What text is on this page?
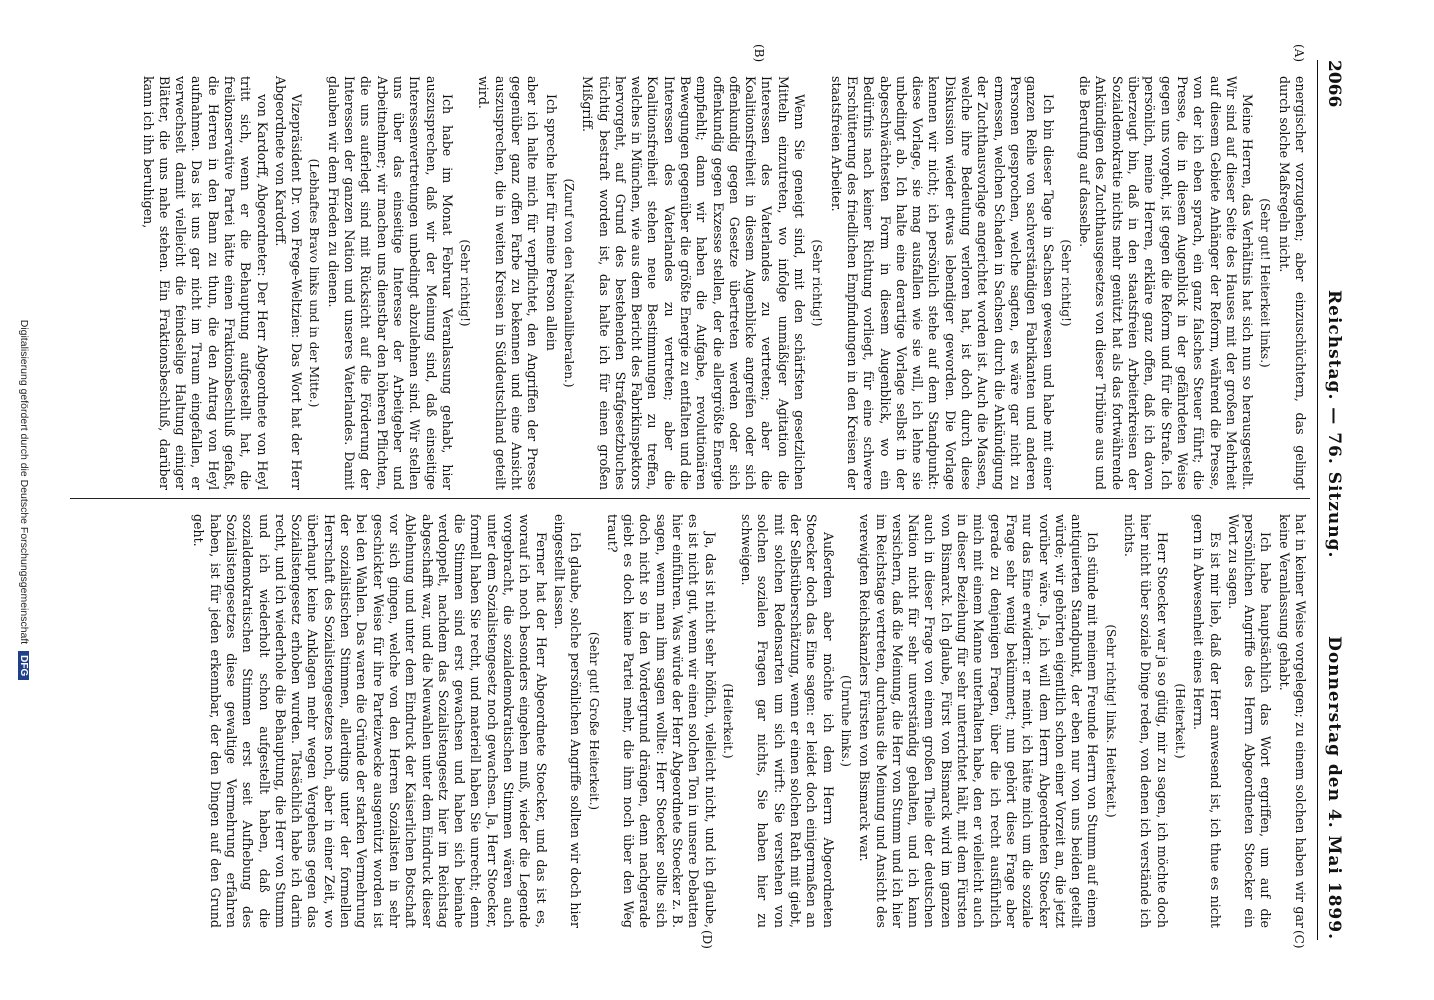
2066
Reichstag. — 76. Sitzung.
Donnerstag den 4. Mai 1899.
(A)
(B)
(C)
(D)

energischer vorzugehen; aber einzuschüchtern, das gelingt durch solche Maßregeln nicht.

(Sehr gut! Heiterkeit links.)

Meine Herren, das Verhältnis hat sich nun so herausgestellt. Wir sind auf dieser Seite des Hauses mit der großen Mehrheit auf diesem Gebiete Anhänger der Reform, während die Presse, von der ich eben sprach, ein ganz falsches Steuer führt; die Presse, die in diesem Augenblick in der gefährdeten Weise gegen uns vorgeht, ist gegen die Reform und für die Strafe. Ich persönlich, meine Herren, erkläre ganz offen, daß ich davon überzeugt bin, daß in den staatsfreien Arbeiterkreisen der Sozialdemokratie nichts mehr genützt hat als das fortwährende Ankündigen des Zuchthausgesetzes von dieser Tribüne aus und die Berufung auf dasselbe.

(Sehr richtig!)

Ich bin dieser Tage in Sachsen gewesen und habe mit einer ganzen Reihe von sachverständigen Fabrikanten und anderen Personen gesprochen, welche sagten, es wäre gar nicht zu ermessen, welchen Schaden in Sachsen durch die Ankündigung der Zuchthausvorlage angerichtet worden ist. Auch die Massen, welche ihre Bedeutung verloren hat, ist doch durch diese Diskussion wieder etwas lebendiger geworden. Die Vorlage kennen wir nicht; ich persönlich stehe auf dem Standpunkt: diese Vorlage, sie mag ausfallen wie sie will, ich lehne sie unbedingt ab. Ich halte eine derartige Vorlage selbst in der abgeschwächtesten Form in diesem Augenblick, wo ein Bedürfnis nach keiner Richtung vorliegt, für eine schwere Erschütterung des friedlichen Empfindungen in den Kreisen der staatsfreien Arbeiter.

(Sehr richtig!)

Wenn Sie geneigt sind, mit den schärfsten gesetzlichen Mitteln einzutreten, wo infolge unmäßiger Agitation die Interessen des Vaterlandes zu vertreten; aber die Koalitionsfreiheit in diesem Augenblicke angreifen oder sich offenkundig gegen Gesetze übertreten werden oder sich offenkundig gegen Exzesse stellen, der die allergrößte Energie empfiehlt; dann wir haben die Aufgabe, revolutionären Bewegungen gegenüber die größte Energie zu entfalten und die Interessen des Vaterlandes zu vertreten; aber die Koalitionsfreiheit stehen neue Bestimmungen zu treffen, welches in München, wie aus dem Bericht des Fabrikinspektors hervorgeht, auf Grund des bestehenden Strafgesetzbuches tüchtig bestraft worden ist, das halte ich für einen großen Mißgriff.

(Zuruf von den Nationalliberalen.)

Ich spreche hier für meine Person allein

aber ich halte mich für verpflichtet, den Angriffen der Presse gegenüber ganz offen Farbe zu bekennen und eine Ansicht auszusprechen, die in weiten Kreisen in Süddeutschland geteilt wird.

(Sehr richtig!)

Ich habe im Monat Februar Veranlassung gehabt, hier auszusprechen, daß wir der Meinung sind, daß einseitige Interessenvertretungen unbedingt abzulehnen sind. Wir stellen uns über das einseitige Interesse der Arbeitgeber und Arbeitnehmer; wir machen uns dienstbar den höheren Pflichten, die uns auferlegt sind mit Rücksicht auf die Förderung der Interessen der ganzen Nation und unseres Vaterlandes. Damit glauben wir dem Frieden zu dienen.

(Lebhaftes Bravo links und in der Mitte.)

Vizepräsident Dr. von Frege-Weltzien: Das Wort hat der Herr Abgeordnete von Kardorff.

von Kardorff, Abgeordneter: Der Herr Abgeordnete von Heyl tritt sich, wenn er die Behauptung aufgestellt hat, die freikonservative Partei hätte einen Fraktionsbeschluß gefaßt, die Herren in den Bann zu thun, die den Antrag von Heyl aufnahmen. Das ist uns gar nicht im Traum eingefallen, er verwechselt damit vielleicht die feindselige Haltung einiger Blätter, die uns nahe stehen. Ein Fraktionsbeschluß, darüber kann ich ihn beruhigen,

hat in keiner Weise vorgelegen; zu einem solchen haben wir gar keine Veranlassung gehabt.

Ich habe hauptsächlich das Wort ergriffen, um auf die persönlichen Angriffe des Herrn Abgeordneten Stoecker ein Wort zu sagen.

Es ist mir lieb, daß der Herr anwesend ist, ich thue es nicht gern in Abwesenheit eines Herrn.

(Heiterkeit.)

Herr Stoecker war ja so gütig, mir zu sagen, ich möchte doch hier nicht über soziale Dinge reden, von denen ich verstände ich nichts.

(Sehr richtig! links. Heiterkeit.)

Ich stünde mit meinem Freunde Herrn von Stumm auf einem antiquierten Standpunkt, der eben nur von uns beiden geteilt würde; wir gehörten eigentlich schon einer Vorzeit an, die jetzt vorüber wäre. Ja, ich will dem Herrn Abgeordneten Stoecker nur das Eine erwidern: er meint, ich hätte mich um die soziale Frage sehr wenig bekümmert; nun gehört diese Frage aber gerade zu denjenigen Fragen, über die ich recht ausführlich mich mit einem Manne unterhalten habe, den er vielleicht auch in dieser Beziehung für sehr unterrichtet hält, mit dem Fürsten von Bismarck. Ich glaube, Fürst von Bismarck wird im ganzen auch in dieser Frage von einem großen Theile der deutschen Nation nicht für sehr unverständig gehalten, und ich kann versichern, daß die Meinung, die Herr von Stumm und ich hier im Reichstage vertreten, durchaus die Meinung und Ansicht des verewigten Reichskanzlers Fürsten von Bismarck war.

(Unruhe links.)

Außerdem aber möchte ich dem Herrn Abgeordneten Stoecker doch das Eine sagen: er leidet doch einigermaßen an der Selbstüberschätzung, wenn er einen solchen Rath mit giebt, mit solchen Redensarten um sich wirft: Sie verstehen von solchen sozialen Fragen gar nichts, Sie haben hier zu schweigen.

(Heiterkeit.)

Ja, das ist nicht sehr höflich, vielleicht nicht, und ich glaube, es ist nicht gut, wenn wir einen solchen Ton in unsere Debatten hier einführen. Was würde der Herr Abgeordnete Stoecker z. B. sagen, wenn man ihm sagen wollte: Herr Stoecker sollte sich doch nicht so in den Vordergrund drängen, denn nachgerade giebt es doch keine Partei mehr, die ihm noch über den Weg traut?

(Sehr gut! Große Heiterkeit.)

Ich glaube, solche persönlichen Angriffe sollten wir doch hier eingestellt lassen.

Ferner hat der Herr Abgeordnete Stoecker, und das ist es, worauf ich noch besonders eingehen muß, wieder die Legende vorgebracht, die sozialdemokratischen Stimmen wären auch unter dem Sozialistengesetz noch gewachsen. Ja, Herr Stoecker, formell haben Sie recht, und materiell haben Sie unrecht; denn die Stimmen sind erst gewachsen und haben sich beinahe verdoppelt, nachdem das Sozialistengesetz hier im Reichstag abgeschafft war, und die Neuwahlen unter dem Eindruck dieser Ablehnung und unter dem Eindruck der Kaiserlichen Botschaft vor sich gingen, welche von den Herren Sozialisten in sehr geschickter Weise für ihre Parteizwecke ausgenützt worden ist bei den Wahlen. Das waren die Gründe der starken Vermehrung der sozialistischen Stimmen, allerdings unter der formellen Herrschaft des Sozialistengesetzes noch, aber in einer Zeit, wo überhaupt keine Anklagen mehr wegen Vergehens gegen das Sozialistengesetz erhoben wurden. Tatsächlich habe ich darin recht, und ich wiederhole die Behauptung, die Herr von Stumm und ich wiederholt schon aufgestellt haben, daß die sozialdemokratischen Stimmen erst seit Aufhebung des Sozialistengesetzes diese gewaltige Vermehrung erfahren haben, ist für jeden erkennbar, der den Dingen auf den Grund geht.

Digitalisierung gefördert durch die Deutsche Forschungsgemeinschaft DFG
